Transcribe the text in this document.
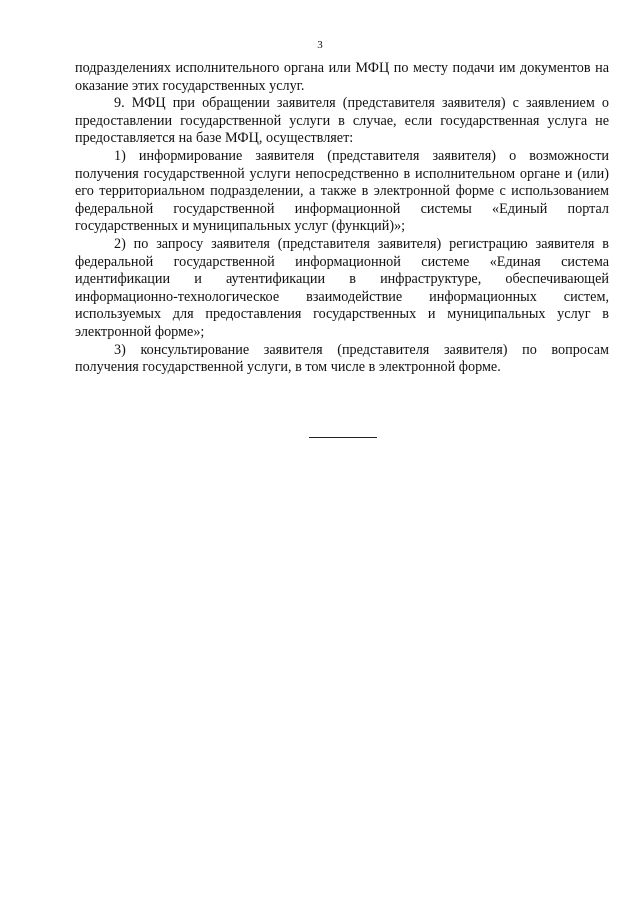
3

подразделениях исполнительного органа или МФЦ по месту подачи им документов на оказание этих государственных услуг.

9. МФЦ при обращении заявителя (представителя заявителя) с заявлением о предоставлении государственной услуги в случае, если государственная услуга не предоставляется на базе МФЦ, осуществляет:

1) информирование заявителя (представителя заявителя) о возможности получения государственной услуги непосредственно в исполнительном органе и (или) его территориальном подразделении, а также в электронной форме с использованием федеральной государственной информационной системы «Единый портал государственных и муниципальных услуг (функций)»;

2) по запросу заявителя (представителя заявителя) регистрацию заявителя в федеральной государственной информационной системе «Единая система идентификации и аутентификации в инфраструктуре, обеспечивающей информационно-технологическое взаимодействие информационных систем, используемых для предоставления государственных и муниципальных услуг в электронной форме»;

3) консультирование заявителя (представителя заявителя) по вопросам получения государственной услуги, в том числе в электронной форме.
